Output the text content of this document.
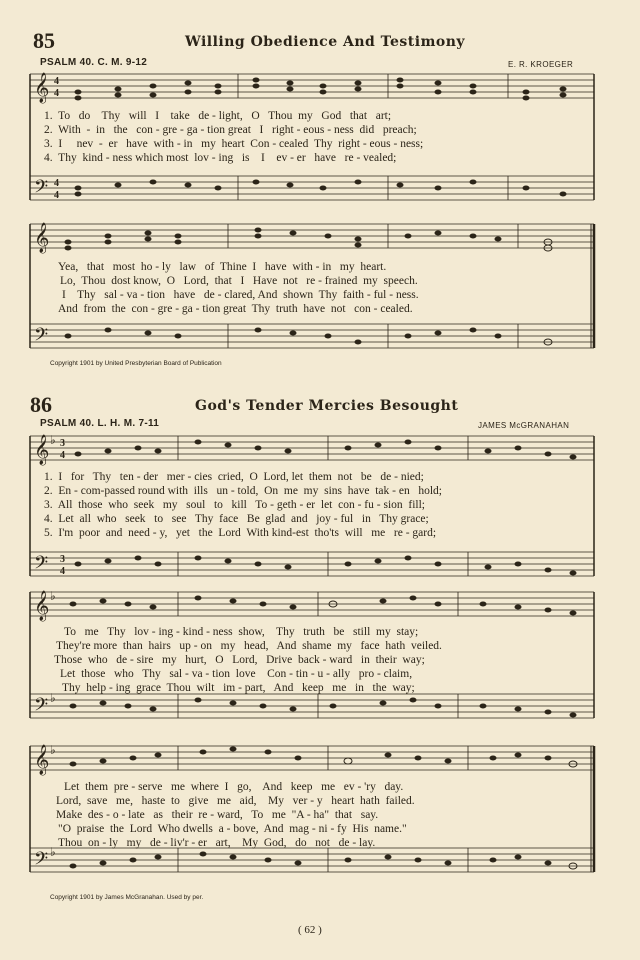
85	Willing Obedience And Testimony
PSALM 40. C. M. 9-12	E. R. KROEGER
𝄞
𝄢
4
4
4
4
1.  To   do    Thy   will   I    take   de - light,   O   Thou  my   God   that   art;
2.  With  -  in   the   con - gre - ga - tion great   I   right - eous - ness  did   preach;
3.  I     nev  -  er   have  with - in   my  heart  Con - cealed  Thy  right - eous - ness;
4.  Thy  kind - ness which most  lov - ing   is    I    ev - er   have   re - vealed;
𝄞
𝄢
Yea,   that   most  ho - ly   law   of  Thine  I   have  with - in   my  heart.
Lo,  Thou  dost know,  O   Lord,  that   I   Have  not   re - frained  my  speech.
I    Thy   sal - va - tion   have   de - clared, And  shown  Thy  faith - ful - ness.
And  from  the  con - gre - ga - tion great  Thy  truth  have  not   con - cealed.
Copyright 1901 by United Presbyterian Board of Publication
86	God's Tender Mercies Besought
PSALM 40. L. H. M. 7-11	JAMES McGRANAHAN
𝄞
𝄢
♭ 3
4
3
4
1.  I   for   Thy   ten - der   mer - cies  cried,  O  Lord, let  them  not   be   de - nied;
2.  En - com-passed round with  ills   un - told,  On  me  my  sins  have  tak - en   hold;
3.  All  those  who  seek   my   soul   to   kill   To - geth - er  let  con - fu - sion  fill;
4.  Let  all  who   seek   to   see   Thy  face   Be  glad  and   joy - ful   in   Thy grace;
5.  I'm  poor  and  need - y,   yet   the  Lord  With kind-est  tho'ts  will   me   re - gard;
𝄞
𝄢
♭
♭
To   me   Thy   lov - ing - kind - ness  show,    Thy   truth   be   still  my  stay;
They're more  than  hairs   up - on   my   head,   And  shame  my   face  hath  veiled.
Those  who   de - sire   my   hurt,   O   Lord,   Drive  back - ward   in  their  way;
Let  those   who   Thy   sal - va - tion  love    Con - tin - u - ally   pro - claim,
Thy  help - ing  grace  Thou  wilt   im - part,   And   keep   me   in   the  way;
𝄞
𝄢
♭
♭
Let  them  pre - serve   me  where  I   go,    And   keep   me   ev - 'ry   day.
Lord,  save   me,   haste  to   give   me   aid,    My   ver - y   heart  hath  failed.
Make  des - o - late   as   their  re - ward,   To   me  "A - ha"  that   say.
"O  praise  the  Lord  Who dwells  a - bove,  And  mag - ni - fy  His  name."
Thou  on - ly   my   de - liv'r - er   art,    My  God,   do   not   de - lay.
Copyright 1901 by James McGranahan. Used by per.
( 62 )
